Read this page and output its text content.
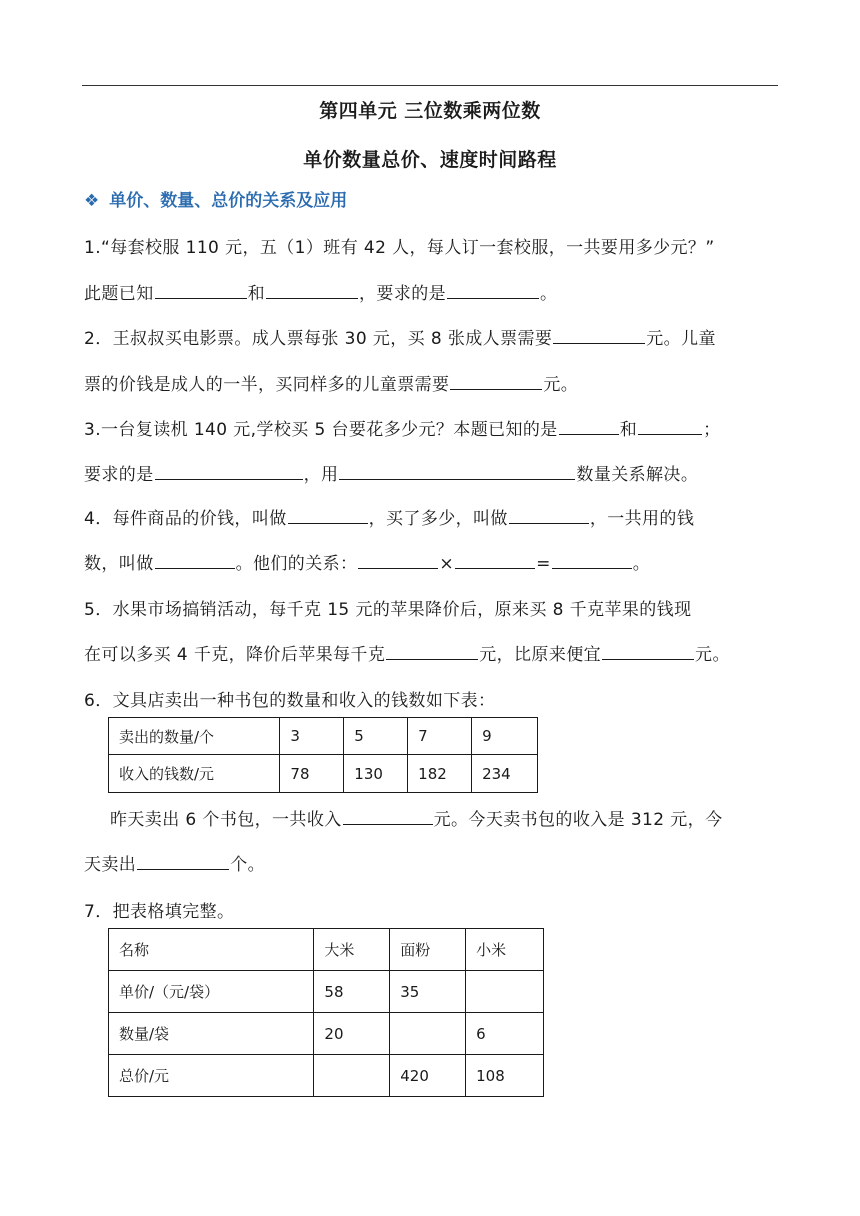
第四单元 三位数乘两位数
单价数量总价、速度时间路程
❖ 单价、数量、总价的关系及应用
1.“每套校服 110 元，五（1）班有 42 人，每人订一套校服，一共要用多少元？”
此题已知	和	，要求的是	。
2．王叔叔买电影票。成人票每张 30 元，买 8 张成人票需要	元。儿童
票的价钱是成人的一半，买同样多的儿童票需要	元。
3.一台复读机 140 元,学校买 5 台要花多少元？本题已知的是	和	；
要求的是	，用	数量关系解决。
4．每件商品的价钱，叫做	，买了多少，叫做	，一共用的钱
数，叫做	。他们的关系：	×	=	。
5．水果市场搞销活动，每千克 15 元的苹果降价后，原来买 8 千克苹果的钱现
在可以多买 4 千克，降价后苹果每千克	元，比原来便宜	元。
6．文具店卖出一种书包的数量和收入的钱数如下表：
卖出的数量/个	3	5	7	9
收入的钱数/元	78	130	182	234
昨天卖出 6 个书包，一共收入	元。今天卖书包的收入是 312 元，今
天卖出	个。
7．把表格填完整。
名称	大米	面粉	小米
单价/（元/袋）	58	35	
数量/袋	20		6
总价/元		420	108
